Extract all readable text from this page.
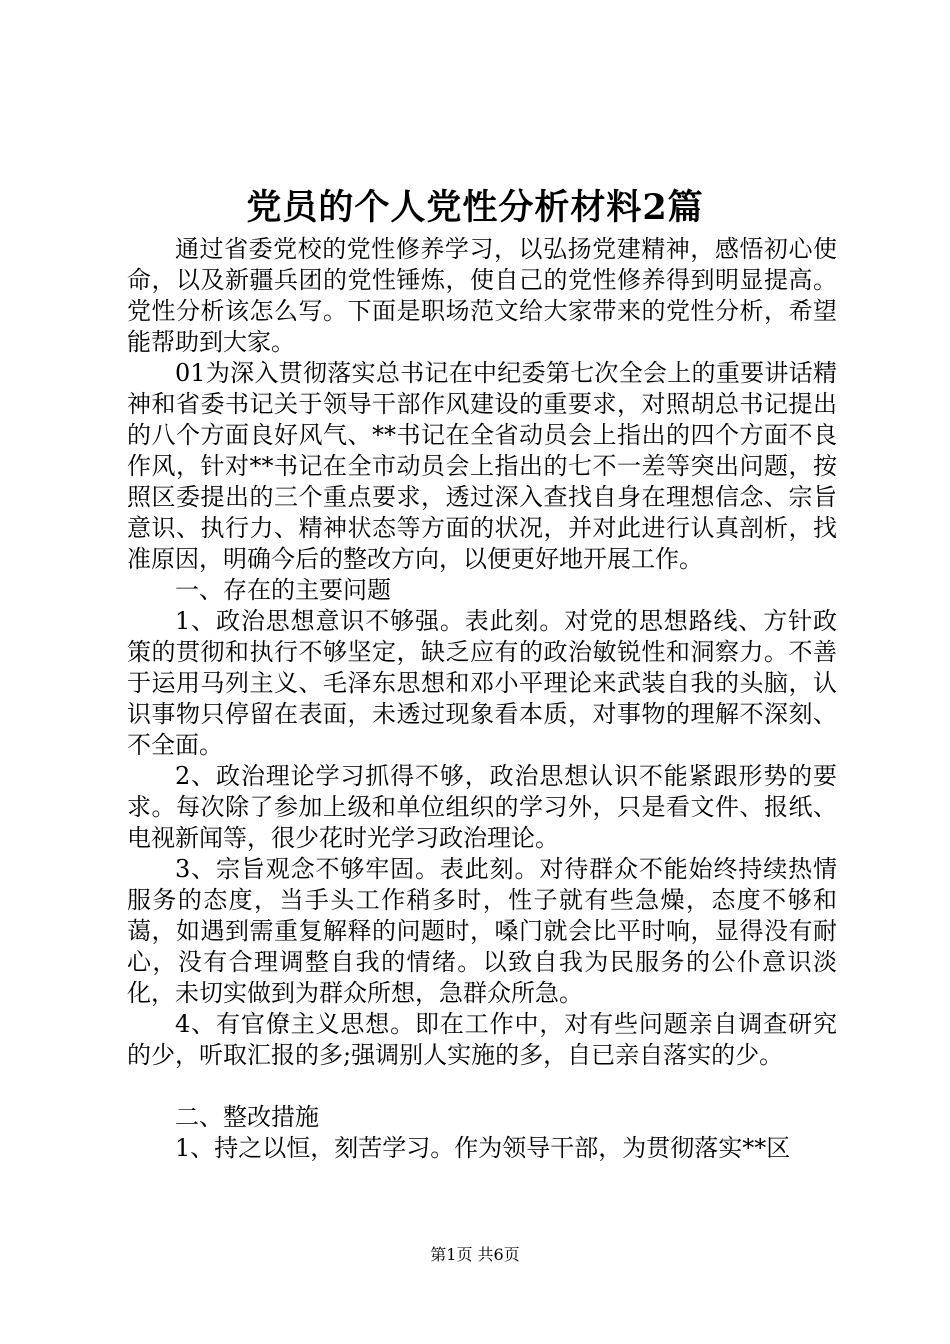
党员的个人党性分析材料2篇

通过省委党校的党性修养学习，以弘扬党建精神，感悟初心使命，以及新疆兵团的党性锤炼，使自己的党性修养得到明显提高。党性分析该怎么写。下面是职场范文给大家带来的党性分析，希望能帮助到大家。

01为深入贯彻落实总书记在中纪委第七次全会上的重要讲话精神和省委书记关于领导干部作风建设的重要求，对照胡总书记提出的八个方面良好风气、**书记在全省动员会上指出的四个方面不良作风，针对**书记在全市动员会上指出的七不一差等突出问题，按照区委提出的三个重点要求，透过深入查找自身在理想信念、宗旨意识、执行力、精神状态等方面的状况，并对此进行认真剖析，找准原因，明确今后的整改方向，以便更好地开展工作。

一、存在的主要问题

1、政治思想意识不够强。表此刻。对党的思想路线、方针政策的贯彻和执行不够坚定，缺乏应有的政治敏锐性和洞察力。不善于运用马列主义、毛泽东思想和邓小平理论来武装自我的头脑，认识事物只停留在表面，未透过现象看本质，对事物的理解不深刻、不全面。

2、政治理论学习抓得不够，政治思想认识不能紧跟形势的要求。每次除了参加上级和单位组织的学习外，只是看文件、报纸、电视新闻等，很少花时光学习政治理论。

3、宗旨观念不够牢固。表此刻。对待群众不能始终持续热情服务的态度，当手头工作稍多时，性子就有些急燥，态度不够和蔼，如遇到需重复解释的问题时，嗓门就会比平时响，显得没有耐心，没有合理调整自我的情绪。以致自我为民服务的公仆意识淡化，未切实做到为群众所想，急群众所急。

4、有官僚主义思想。即在工作中，对有些问题亲自调查研究的少，听取汇报的多;强调别人实施的多，自已亲自落实的少。

二、整改措施

1、持之以恒，刻苦学习。作为领导干部，为贯彻落实**区

第1页 共6页
